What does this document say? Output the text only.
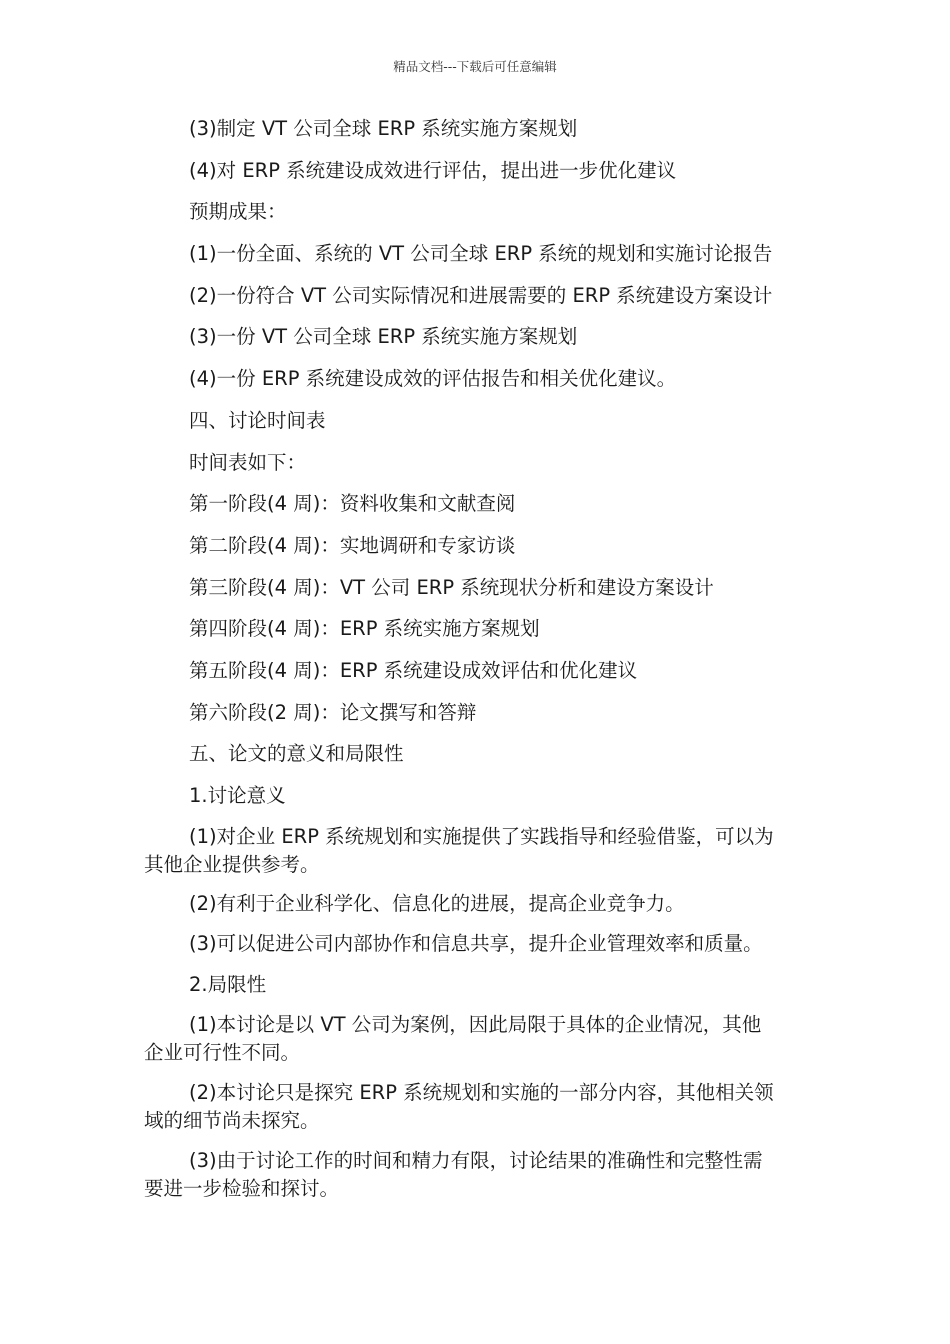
精品文档---下载后可任意编辑
(3)制定 VT 公司全球 ERP 系统实施方案规划
(4)对 ERP 系统建设成效进行评估，提出进一步优化建议
预期成果：
(1)一份全面、系统的 VT 公司全球 ERP 系统的规划和实施讨论报告
(2)一份符合 VT 公司实际情况和进展需要的 ERP 系统建设方案设计
(3)一份 VT 公司全球 ERP 系统实施方案规划
(4)一份 ERP 系统建设成效的评估报告和相关优化建议。
四、讨论时间表
时间表如下：
第一阶段(4 周)：资料收集和文献查阅
第二阶段(4 周)：实地调研和专家访谈
第三阶段(4 周)：VT 公司 ERP 系统现状分析和建设方案设计
第四阶段(4 周)：ERP 系统实施方案规划
第五阶段(4 周)：ERP 系统建设成效评估和优化建议
第六阶段(2 周)：论文撰写和答辩
五、论文的意义和局限性
1.讨论意义
(1)对企业 ERP 系统规划和实施提供了实践指导和经验借鉴，可以为
其他企业提供参考。
(2)有利于企业科学化、信息化的进展，提高企业竞争力。
(3)可以促进公司内部协作和信息共享，提升企业管理效率和质量。
2.局限性
(1)本讨论是以 VT 公司为案例，因此局限于具体的企业情况，其他
企业可行性不同。
(2)本讨论只是探究 ERP 系统规划和实施的一部分内容，其他相关领
域的细节尚未探究。
(3)由于讨论工作的时间和精力有限，讨论结果的准确性和完整性需
要进一步检验和探讨。
